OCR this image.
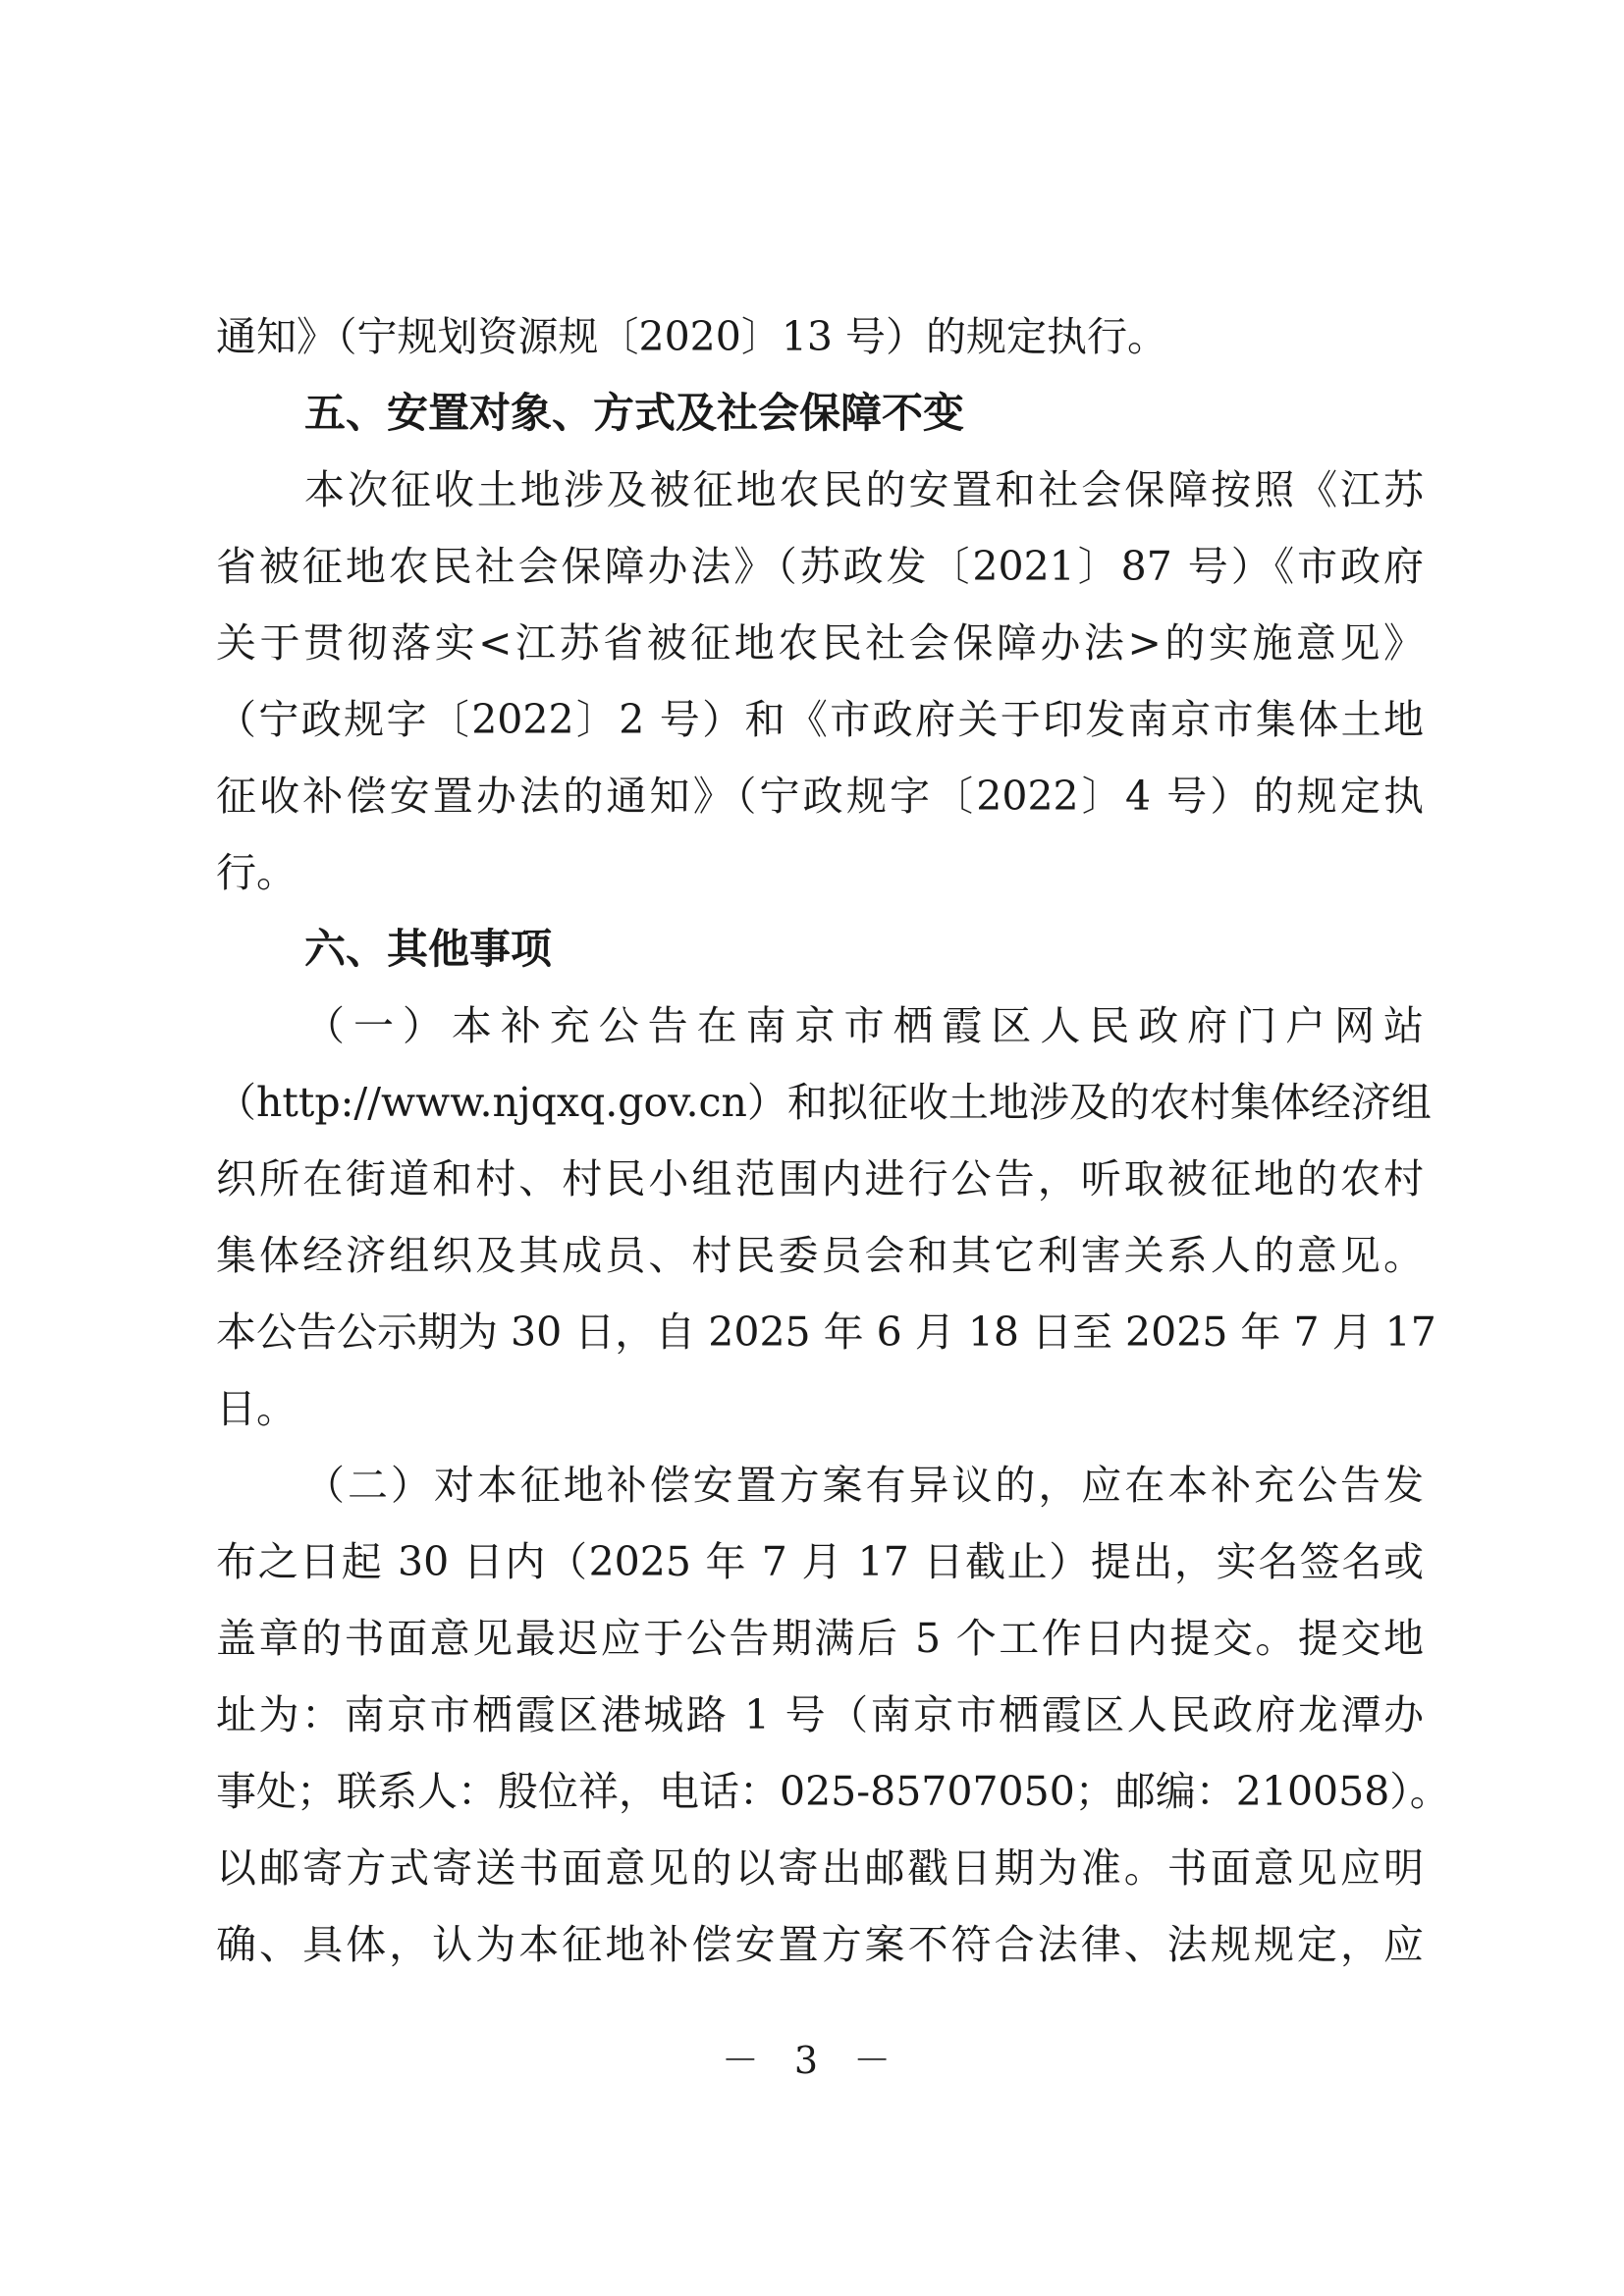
通知》（宁规划资源规〔2020〕13 号）的规定执行。

五、安置对象、方式及社会保障不变

本次征收土地涉及被征地农民的安置和社会保障按照《江苏

省被征地农民社会保障办法》（苏政发〔2021〕87 号）《市政府

关于贯彻落实<江苏省被征地农民社会保障办法>的实施意见》

（宁政规字〔2022〕2 号）和《市政府关于印发南京市集体土地

征收补偿安置办法的通知》（宁政规字〔2022〕4 号）的规定执

行。

六、其他事项

（一）本补充公告在南京市栖霞区人民政府门户网站

（http://www.njqxq.gov.cn）和拟征收土地涉及的农村集体经济组

织所在街道和村、村民小组范围内进行公告，听取被征地的农村

集体经济组织及其成员、村民委员会和其它利害关系人的意见。

本公告公示期为 30 日，自 2025 年 6 月 18 日至 2025 年 7 月 17

日。

（二）对本征地补偿安置方案有异议的，应在本补充公告发

布之日起 30 日内（2025 年 7 月 17 日截止）提出，实名签名或

盖章的书面意见最迟应于公告期满后 5 个工作日内提交。提交地

址为：南京市栖霞区港城路 1 号（南京市栖霞区人民政府龙潭办

事处；联系人：殷位祥，电话：025-85707050；邮编：210058）。

以邮寄方式寄送书面意见的以寄出邮戳日期为准。书面意见应明

确、具体，认为本征地补偿安置方案不符合法律、法规规定，应

－ 3 －
